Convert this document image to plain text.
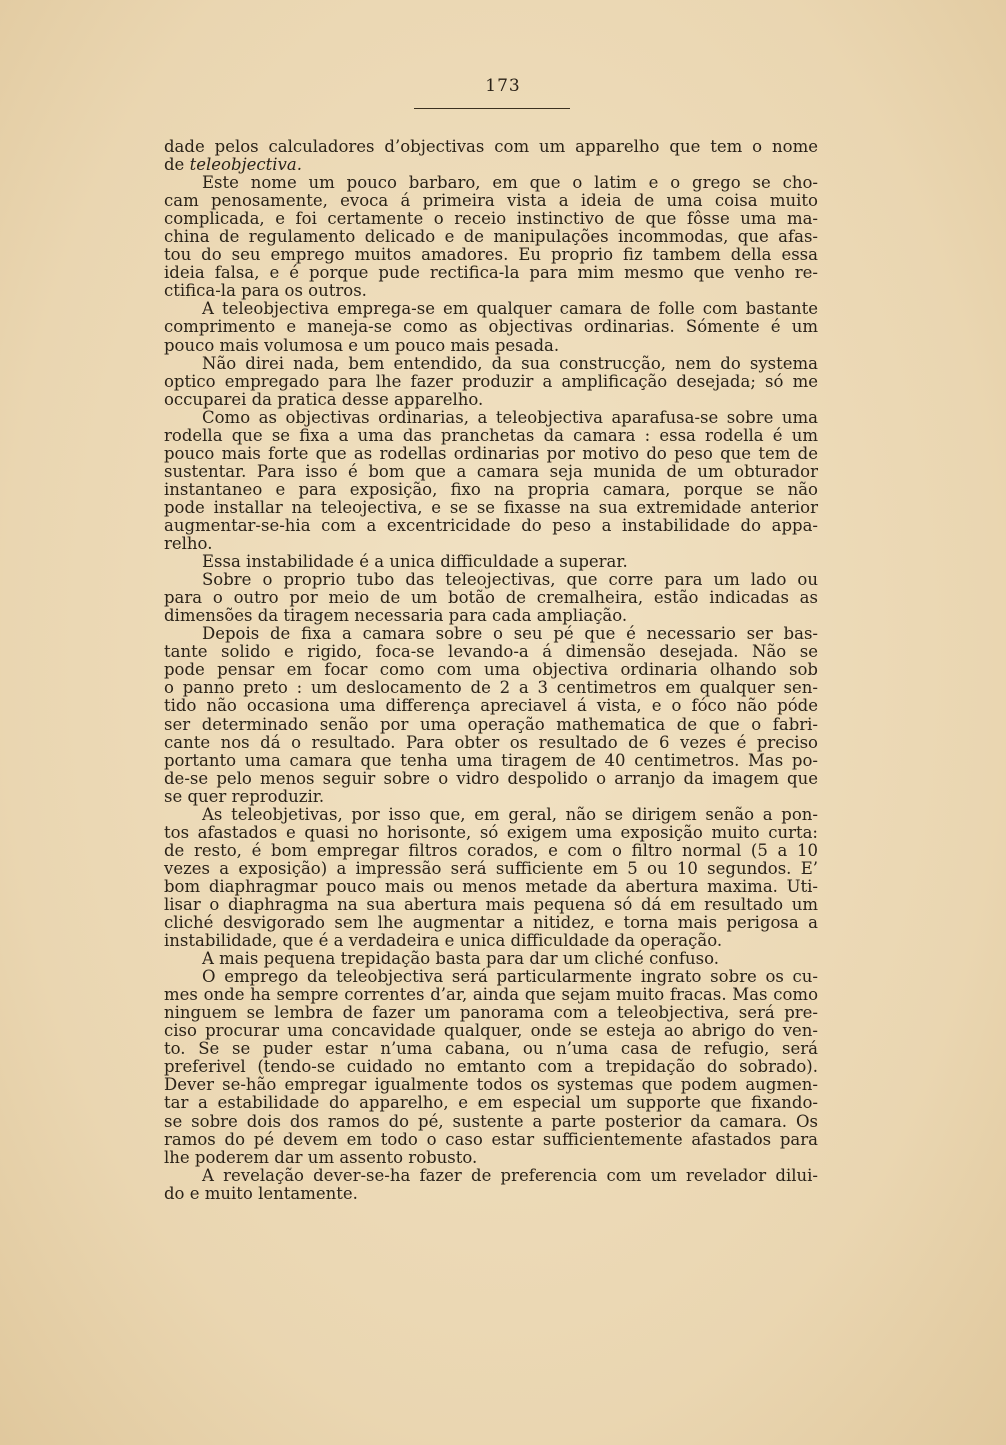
173
dade pelos calculadores d’objectivas com um apparelho que tem o nome
de teleobjectiva.
Este nome um pouco barbaro, em que o latim e o grego se cho-
cam penosamente, evoca á primeira vista a ideia de uma coisa muito
complicada, e foi certamente o receio instinctivo de que fôsse uma ma-
china de regulamento delicado e de manipulações incommodas, que afas-
tou do seu emprego muitos amadores. Eu proprio fiz tambem della essa
ideia falsa, e é porque pude rectifica-la para mim mesmo que venho re-
ctifica-la para os outros.
A teleobjectiva emprega-se em qualquer camara de folle com bastante
comprimento e maneja-se como as objectivas ordinarias. Sómente é um
pouco mais volumosa e um pouco mais pesada.
Não direi nada, bem entendido, da sua construcção, nem do systema
optico empregado para lhe fazer produzir a amplificação desejada; só me
occuparei da pratica desse apparelho.
Como as objectivas ordinarias, a teleobjectiva aparafusa-se sobre uma
rodella que se fixa a uma das pranchetas da camara : essa rodella é um
pouco mais forte que as rodellas ordinarias por motivo do peso que tem de
sustentar. Para isso é bom que a camara seja munida de um obturador
instantaneo e para exposição, fixo na propria camara, porque se não
pode installar na teleojectiva, e se se fixasse na sua extremidade anterior
augmentar-se-hia com a excentricidade do peso a instabilidade do appa-
relho.
Essa instabilidade é a unica difficuldade a superar.
Sobre o proprio tubo das teleojectivas, que corre para um lado ou
para o outro por meio de um botão de cremalheira, estão indicadas as
dimensões da tiragem necessaria para cada ampliação.
Depois de fixa a camara sobre o seu pé que é necessario ser bas-
tante solido e rigido, foca-se levando-a á dimensão desejada. Não se
pode pensar em focar como com uma objectiva ordinaria olhando sob
o panno preto : um deslocamento de 2 a 3 centimetros em qualquer sen-
tido não occasiona uma differença apreciavel á vista, e o fóco não póde
ser determinado senão por uma operação mathematica de que o fabri-
cante nos dá o resultado. Para obter os resultado de 6 vezes é preciso
portanto uma camara que tenha uma tiragem de 40 centimetros. Mas po-
de-se pelo menos seguir sobre o vidro despolido o arranjo da imagem que
se quer reproduzir.
As teleobjetivas, por isso que, em geral, não se dirigem senão a pon-
tos afastados e quasi no horisonte, só exigem uma exposição muito curta:
de resto, é bom empregar filtros corados, e com o filtro normal (5 a 10
vezes a exposição) a impressão será sufficiente em 5 ou 10 segundos. E’
bom diaphragmar pouco mais ou menos metade da abertura maxima. Uti-
lisar o diaphragma na sua abertura mais pequena só dá em resultado um
cliché desvigorado sem lhe augmentar a nitidez, e torna mais perigosa a
instabilidade, que é a verdadeira e unica difficuldade da operação.
A mais pequena trepidação basta para dar um cliché confuso.
O emprego da teleobjectiva será particularmente ingrato sobre os cu-
mes onde ha sempre correntes d’ar, ainda que sejam muito fracas. Mas como
ninguem se lembra de fazer um panorama com a teleobjectiva, será pre-
ciso procurar uma concavidade qualquer, onde se esteja ao abrigo do ven-
to. Se se puder estar n’uma cabana, ou n’uma casa de refugio, será
preferivel (tendo-se cuidado no emtanto com a trepidação do sobrado).
Dever se-hão empregar igualmente todos os systemas que podem augmen-
tar a estabilidade do apparelho, e em especial um supporte que fixando-
se sobre dois dos ramos do pé, sustente a parte posterior da camara. Os
ramos do pé devem em todo o caso estar sufficientemente afastados para
lhe poderem dar um assento robusto.
A revelação dever-se-ha fazer de preferencia com um revelador dilui-
do e muito lentamente.
